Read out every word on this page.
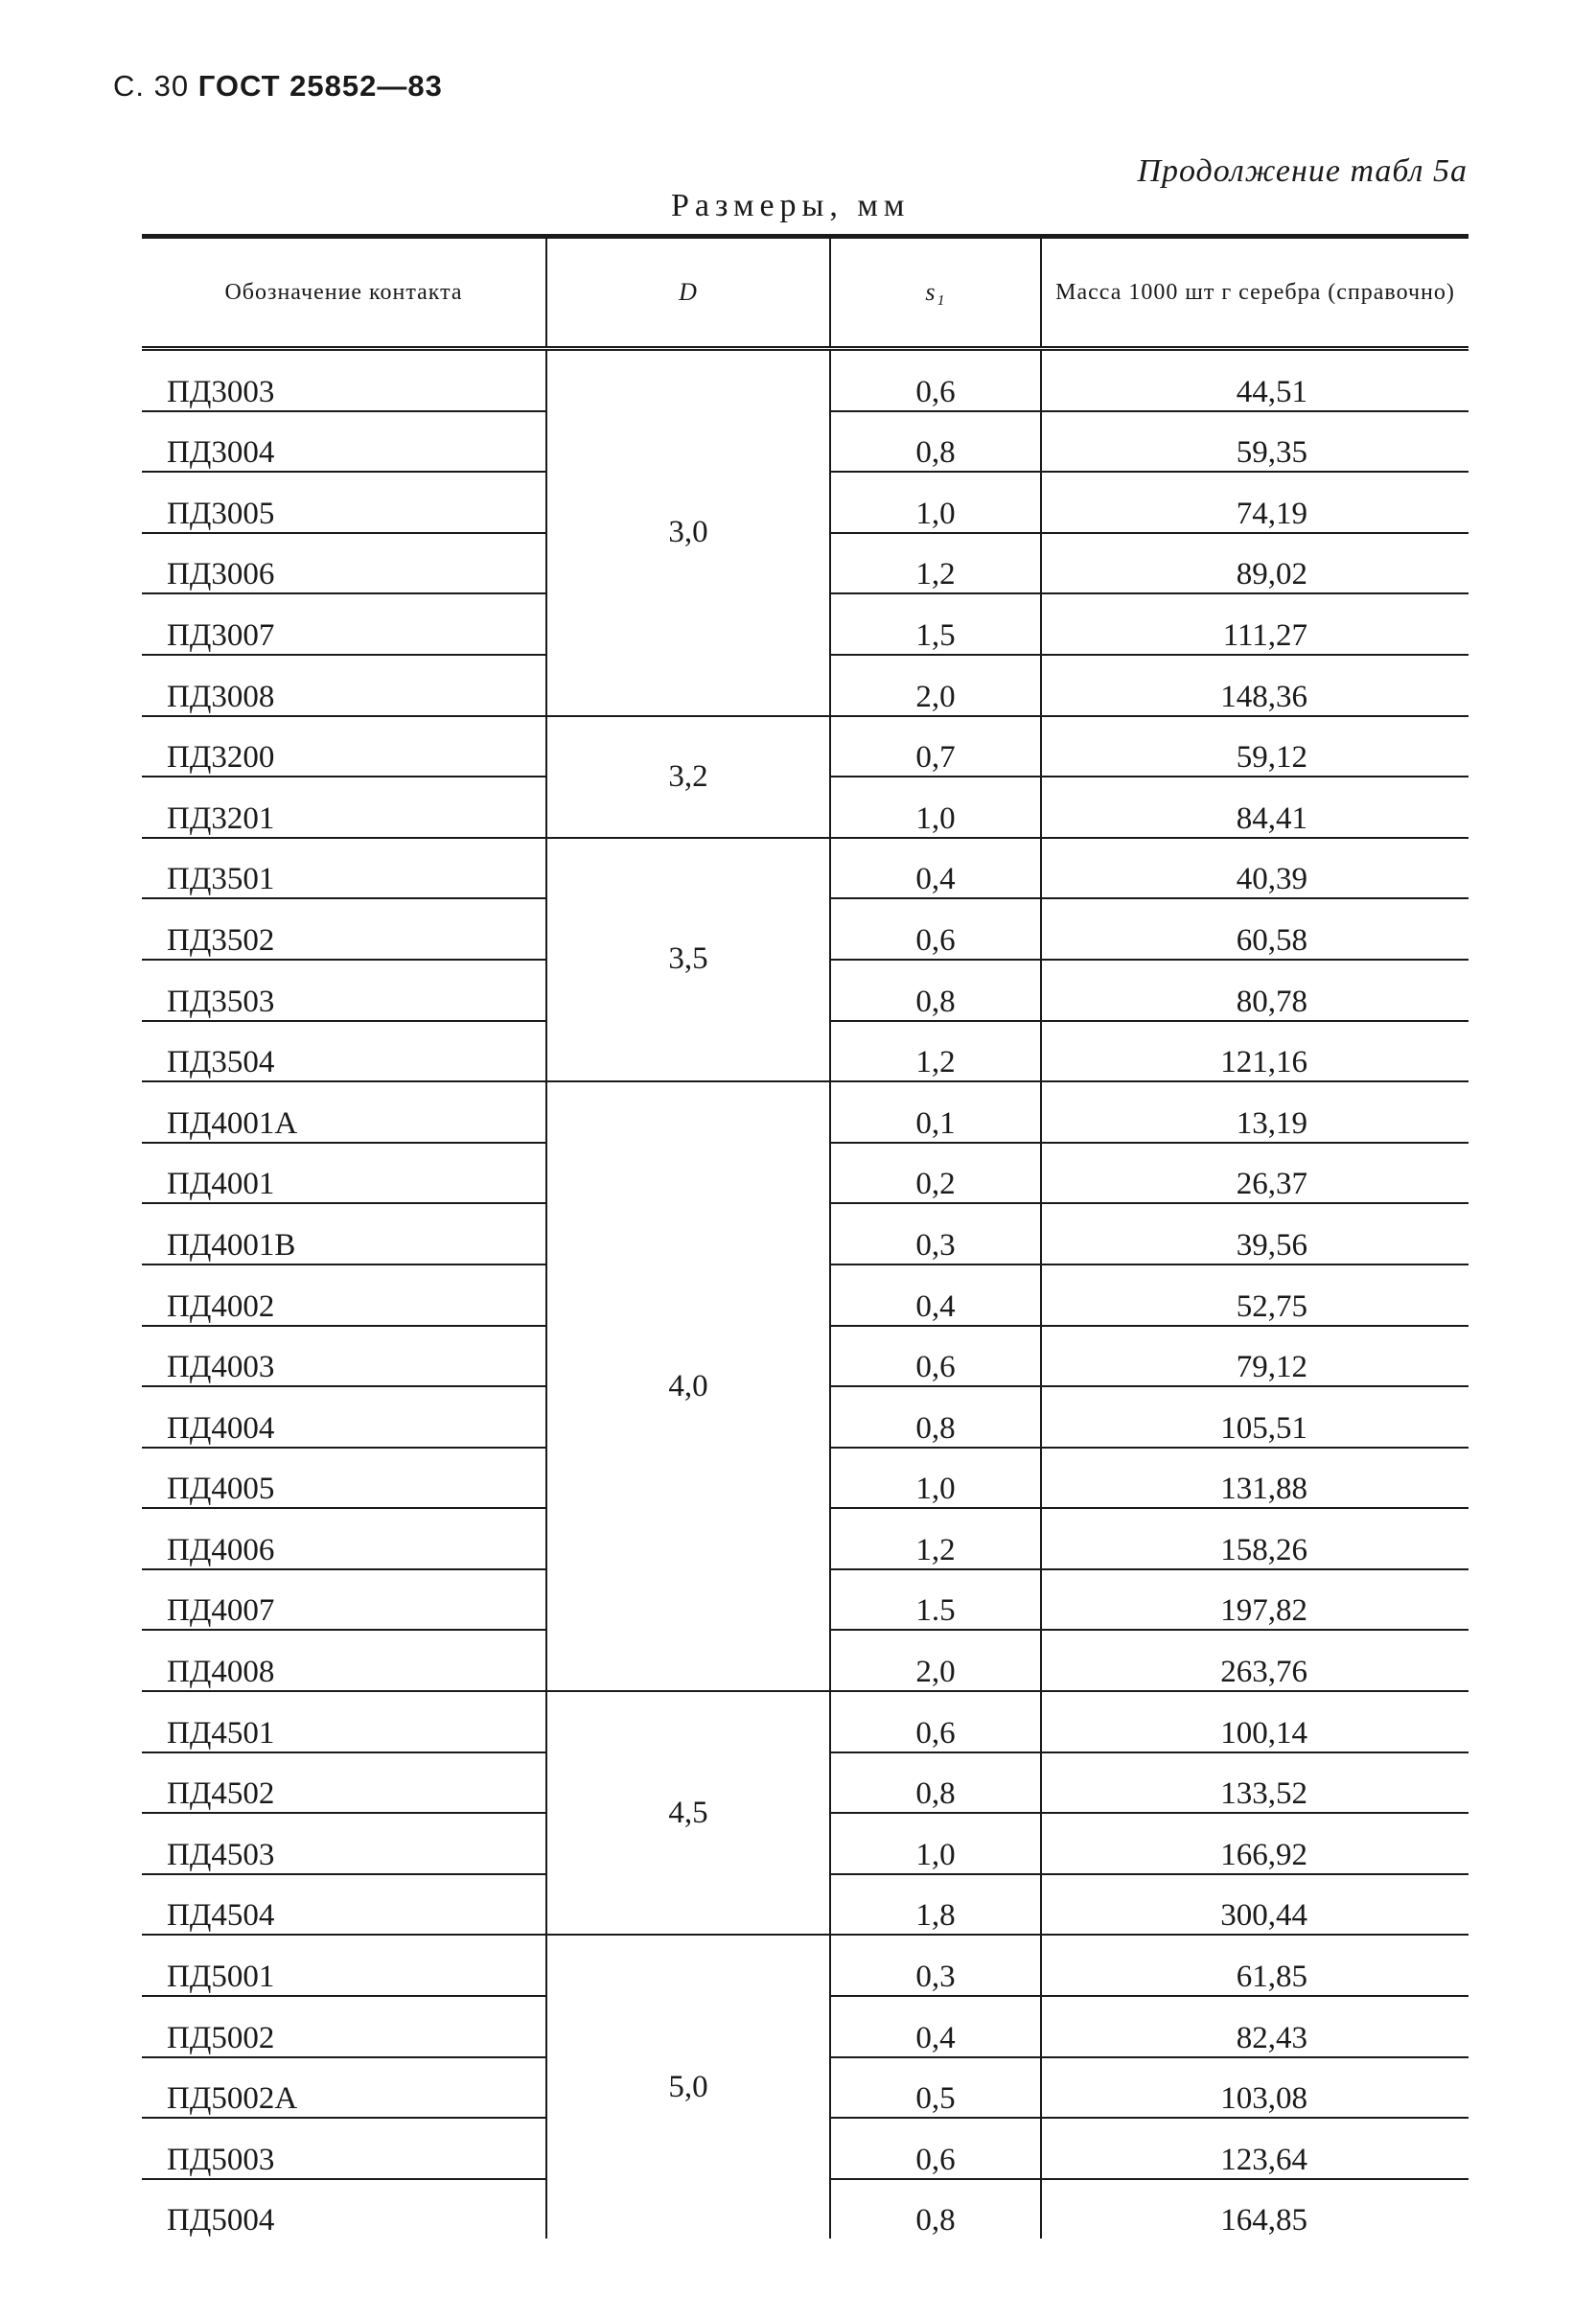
С. 30 ГОСТ 25852—83
Продолжение табл 5а
Размеры, мм
Обозначение контакта	D	s₁	Масса 1000 шт г серебра (справочно)
ПД3003	3,0	0,6	44,51
ПД3004		0,8	59,35
ПД3005		1,0	74,19
ПД3006		1,2	89,02
ПД3007		1,5	111,27
ПД3008		2,0	148,36
ПД3200	3,2	0,7	59,12
ПД3201		1,0	84,41
ПД3501	3,5	0,4	40,39
ПД3502		0,6	60,58
ПД3503		0,8	80,78
ПД3504		1,2	121,16
ПД4001А	4,0	0,1	13,19
ПД4001		0,2	26,37
ПД4001В		0,3	39,56
ПД4002		0,4	52,75
ПД4003		0,6	79,12
ПД4004		0,8	105,51
ПД4005		1,0	131,88
ПД4006		1,2	158,26
ПД4007		1.5	197,82
ПД4008		2,0	263,76
ПД4501	4,5	0,6	100,14
ПД4502		0,8	133,52
ПД4503		1,0	166,92
ПД4504		1,8	300,44
ПД5001	5,0	0,3	61,85
ПД5002		0,4	82,43
ПД5002А		0,5	103,08
ПД5003		0,6	123,64
ПД5004		0,8	164,85
